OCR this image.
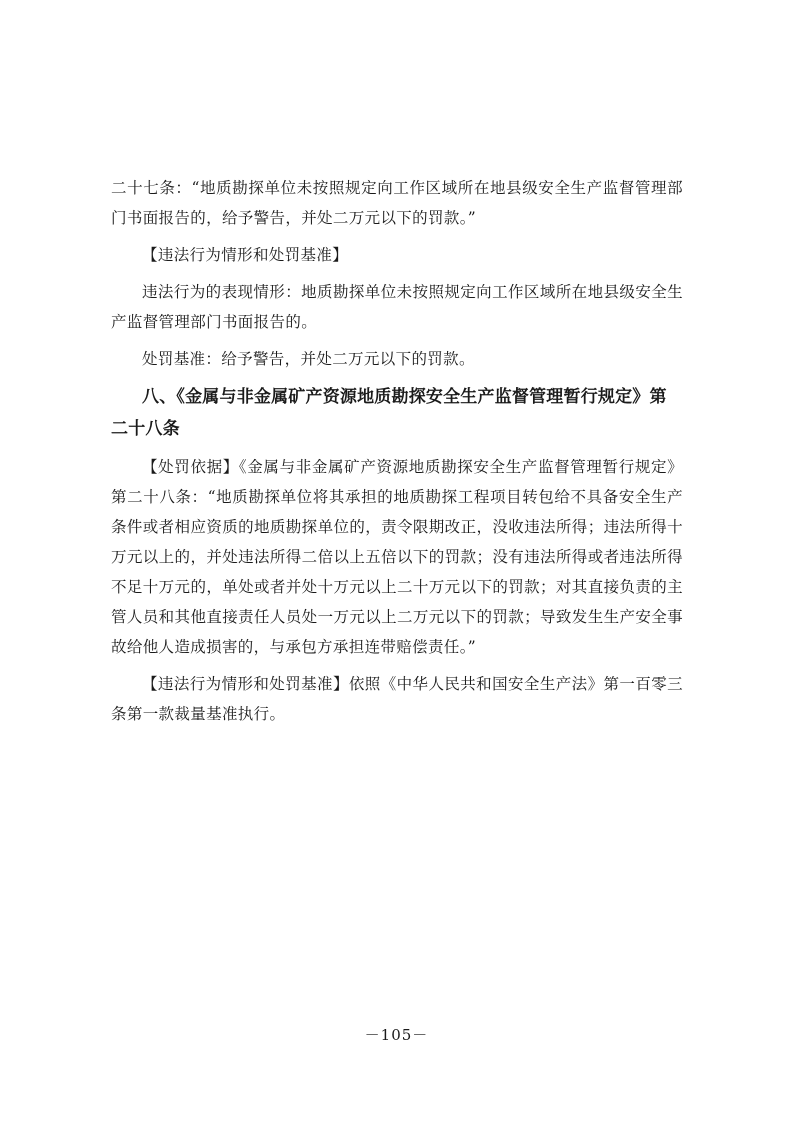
二十七条：“地质勘探单位未按照规定向工作区域所在地县级安全生产监督管理部门书面报告的，给予警告，并处二万元以下的罚款。”

【违法行为情形和处罚基准】

违法行为的表现情形：地质勘探单位未按照规定向工作区域所在地县级安全生产监督管理部门书面报告的。

处罚基准：给予警告，并处二万元以下的罚款。

八、《金属与非金属矿产资源地质勘探安全生产监督管理暂行规定》第二十八条

【处罚依据】《金属与非金属矿产资源地质勘探安全生产监督管理暂行规定》第二十八条：“地质勘探单位将其承担的地质勘探工程项目转包给不具备安全生产条件或者相应资质的地质勘探单位的，责令限期改正，没收违法所得；违法所得十万元以上的，并处违法所得二倍以上五倍以下的罚款；没有违法所得或者违法所得不足十万元的，单处或者并处十万元以上二十万元以下的罚款；对其直接负责的主管人员和其他直接责任人员处一万元以上二万元以下的罚款；导致发生生产安全事故给他人造成损害的，与承包方承担连带赔偿责任。”

【违法行为情形和处罚基准】依照《中华人民共和国安全生产法》第一百零三条第一款裁量基准执行。

－105－
